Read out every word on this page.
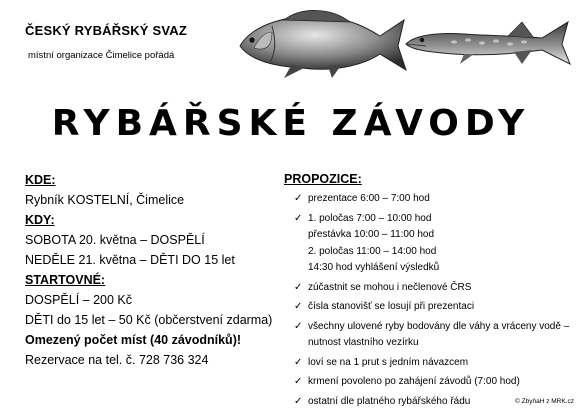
ČESKÝ RYBÁŘSKÝ SVAZ
místní organizace Čimelice pořádá
RYBÁŘSKÉ ZÁVODY
KDE:
Rybník KOSTELNÍ, Čimelice
KDY:
SOBOTA 20. května – DOSPĚLÍ
NEDĚLE 21. května – DĚTI DO 15 let
STARTOVNÉ:
DOSPĚLÍ – 200 Kč
DĚTI do 15 let – 50 Kč (občerstvení zdarma)
Omezený počet míst (40 závodníků)!
Rezervace na tel. č. 728 736 324
PROPOZICE:
✓ prezentace 6:00 – 7:00 hod
✓ 1. poločas 7:00 – 10:00 hod
přestávka 10:00 – 11:00 hod
2. poločas 11:00 – 14:00 hod
14:30 hod vyhlášení výsledků
✓ zúčastnit se mohou i nečlenové ČRS
✓ čísla stanovišť se losují při prezentaci
✓ všechny ulovené ryby bodovány dle váhy a vráceny vodě – nutnost vlastního vezírku
✓ loví se na 1 prut s jedním návazcem
✓ krmení povoleno po zahájení závodů (7:00 hod)
✓ ostatní dle platného rybářského řádu	© ZbyňaH z MRK.cz
